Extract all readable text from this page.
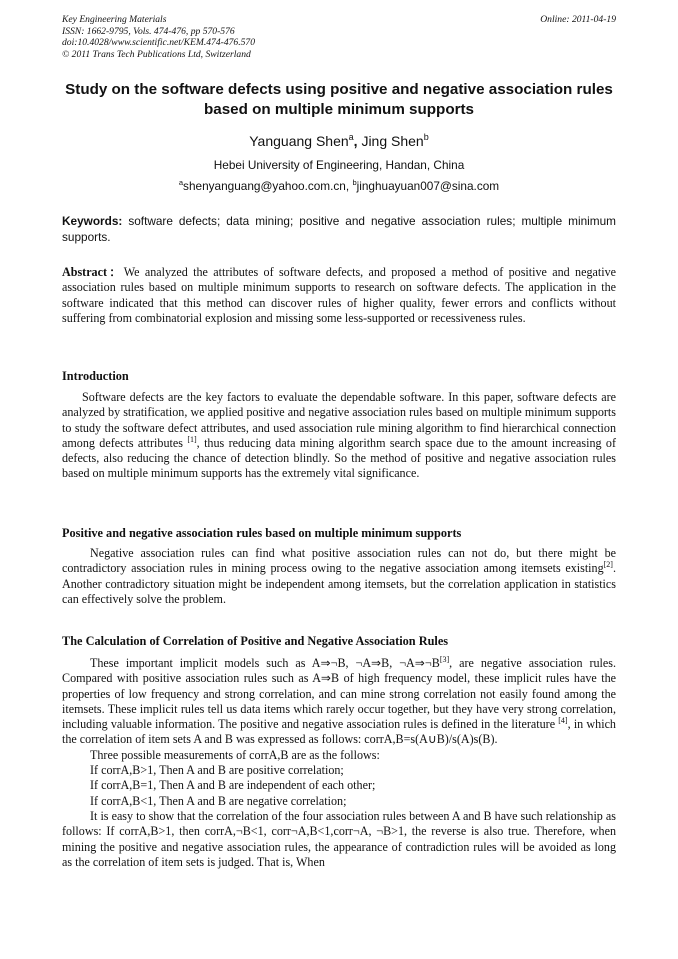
Key Engineering Materials
ISSN: 1662-9795, Vols. 474-476, pp 570-576
doi:10.4028/www.scientific.net/KEM.474-476.570
© 2011 Trans Tech Publications Ltd, Switzerland
Online: 2011-04-19
Study on the software defects using positive and negative association rules based on multiple minimum supports
Yanguang Shen$^a$, Jing Shen$^b$
Hebei University of Engineering, Handan, China
$^a$shenyanguang@yahoo.com.cn, $^b$jinghuayuan007@sina.com
Keywords: software defects; data mining; positive and negative association rules; multiple minimum supports.

Abstract：We analyzed the attributes of software defects, and proposed a method of positive and negative association rules based on multiple minimum supports to research on software defects. The application in the software indicated that this method can discover rules of higher quality, fewer errors and conflicts without suffering from combinatorial explosion and missing some less-supported or recessiveness rules.

Introduction

Software defects are the key factors to evaluate the dependable software. In this paper, software defects are analyzed by stratification, we applied positive and negative association rules based on multiple minimum supports to study the software defect attributes, and used association rule mining algorithm to find hierarchical connection among defects attributes [1], thus reducing data mining algorithm search space due to the amount increasing of defects, also reducing the chance of detection blindly. So the method of positive and negative association rules based on multiple minimum supports has the extremely vital significance.

Positive and negative association rules based on multiple minimum supports

Negative association rules can find what positive association rules can not do, but there might be contradictory association rules in mining process owing to the negative association among itemsets existing[2]. Another contradictory situation might be independent among itemsets, but the correlation application in statistics can effectively solve the problem.

The Calculation of Correlation of Positive and Negative Association Rules

These important implicit models such as A⇒¬B, ¬A⇒B, ¬A⇒¬B[3], are negative association rules. Compared with positive association rules such as A⇒B of high frequency model, these implicit rules have the properties of low frequency and strong correlation, and can mine strong correlation not easily found among the itemsets. These implicit rules tell us data items which rarely occur together, but they have very strong correlation, including valuable information. The positive and negative association rules is defined in the literature [4], in which the correlation of item sets A and B was expressed as follows: corrA,B=s(A∪B)/s(A)s(B).

Three possible measurements of corrA,B are as the follows:

If corrA,B>1, Then A and B are positive correlation;

If corrA,B=1, Then A and B are independent of each other;

If corrA,B<1, Then A and B are negative correlation;

It is easy to show that the correlation of the four association rules between A and B have such relationship as follows: If corrA,B>1, then corrA,¬B<1, corr¬A,B<1,corr¬A, ¬B>1, the reverse is also true. Therefore, when mining the positive and negative association rules, the appearance of contradiction rules will be avoided as long as the correlation of item sets is judged. That is, When
